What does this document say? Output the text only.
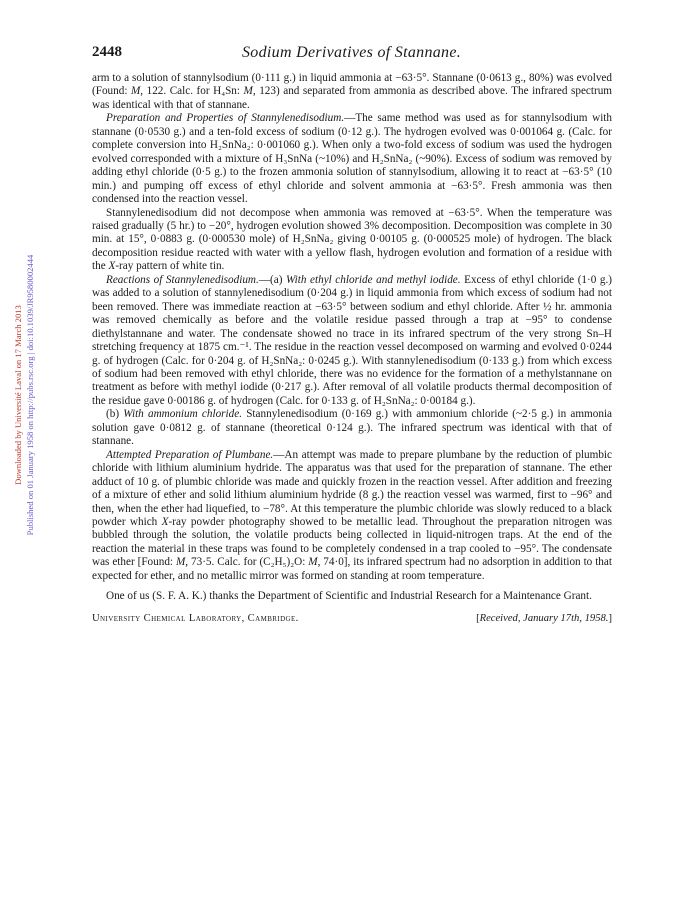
2448	Sodium Derivatives of Stannane.
Downloaded by Université Laval on 17 March 2013 Published on 01 January 1958 on http://pubs.rsc.org | doi:10.1039/JR9580002444

arm to a solution of stannylsodium (0·111 g.) in liquid ammonia at −63·5°. Stannane (0·0613 g., 80%) was evolved (Found: M, 122. Calc. for H₄Sn: M, 123) and separated from ammonia as described above. The infrared spectrum was identical with that of stannane.

Preparation and Properties of Stannylenedisodium.—The same method was used as for stannylsodium with stannane (0·0530 g.) and a ten-fold excess of sodium (0·12 g.). The hydrogen evolved was 0·001064 g. (Calc. for complete conversion into H₂SnNa₂: 0·001060 g.). When only a two-fold excess of sodium was used the hydrogen evolved corresponded with a mixture of H₃SnNa (~10%) and H₂SnNa₂ (~90%). Excess of sodium was removed by adding ethyl chloride (0·5 g.) to the frozen ammonia solution of stannylsodium, allowing it to react at −63·5° (10 min.) and pumping off excess of ethyl chloride and solvent ammonia at −63·5°. Fresh ammonia was then condensed into the reaction vessel.

Stannylenedisodium did not decompose when ammonia was removed at −63·5°. When the temperature was raised gradually (5 hr.) to −20°, hydrogen evolution showed 3% decomposition. Decomposition was complete in 30 min. at 15°, 0·0883 g. (0·000530 mole) of H₂SnNa₂ giving 0·00105 g. (0·000525 mole) of hydrogen. The black decomposition residue reacted with water with a yellow flash, hydrogen evolution and formation of a residue with the X-ray pattern of white tin.

Reactions of Stannylenedisodium.—(a) With ethyl chloride and methyl iodide. Excess of ethyl chloride (1·0 g.) was added to a solution of stannylenedisodium (0·204 g.) in liquid ammonia from which excess of sodium had not been removed. There was immediate reaction at −63·5° between sodium and ethyl chloride. After ½ hr. ammonia was removed chemically as before and the volatile residue passed through a trap at −95° to condense diethylstannane and water. The condensate showed no trace in its infrared spectrum of the very strong Sn–H stretching frequency at 1875 cm.⁻¹. The residue in the reaction vessel decomposed on warming and evolved 0·0244 g. of hydrogen (Calc. for 0·204 g. of H₂SnNa₂: 0·0245 g.). With stannylenedisodium (0·133 g.) from which excess of sodium had been removed with ethyl chloride, there was no evidence for the formation of a methylstannane on treatment as before with methyl iodide (0·217 g.). After removal of all volatile products thermal decomposition of the residue gave 0·00186 g. of hydrogen (Calc. for 0·133 g. of H₂SnNa₂: 0·00184 g.).

(b) With ammonium chloride. Stannylenedisodium (0·169 g.) with ammonium chloride (~2·5 g.) in ammonia solution gave 0·0812 g. of stannane (theoretical 0·124 g.). The infrared spectrum was identical with that of stannane.

Attempted Preparation of Plumbane.—An attempt was made to prepare plumbane by the reduction of plumbic chloride with lithium aluminium hydride. The apparatus was that used for the preparation of stannane. The ether adduct of 10 g. of plumbic chloride was made and quickly frozen in the reaction vessel. After addition and freezing of a mixture of ether and solid lithium aluminium hydride (8 g.) the reaction vessel was warmed, first to −96° and then, when the ether had liquefied, to −78°. At this temperature the plumbic chloride was slowly reduced to a black powder which X-ray powder photography showed to be metallic lead. Throughout the preparation nitrogen was bubbled through the solution, the volatile products being collected in liquid-nitrogen traps. At the end of the reaction the material in these traps was found to be completely condensed in a trap cooled to −95°. The condensate was ether [Found: M, 73·5. Calc. for (C₂H₅)₂O: M, 74·0], its infrared spectrum had no adsorption in addition to that expected for ether, and no metallic mirror was formed on standing at room temperature.

One of us (S. F. A. K.) thanks the Department of Scientific and Industrial Research for a Maintenance Grant.

University Chemical Laboratory, Cambridge.	[Received, January 17th, 1958.]
